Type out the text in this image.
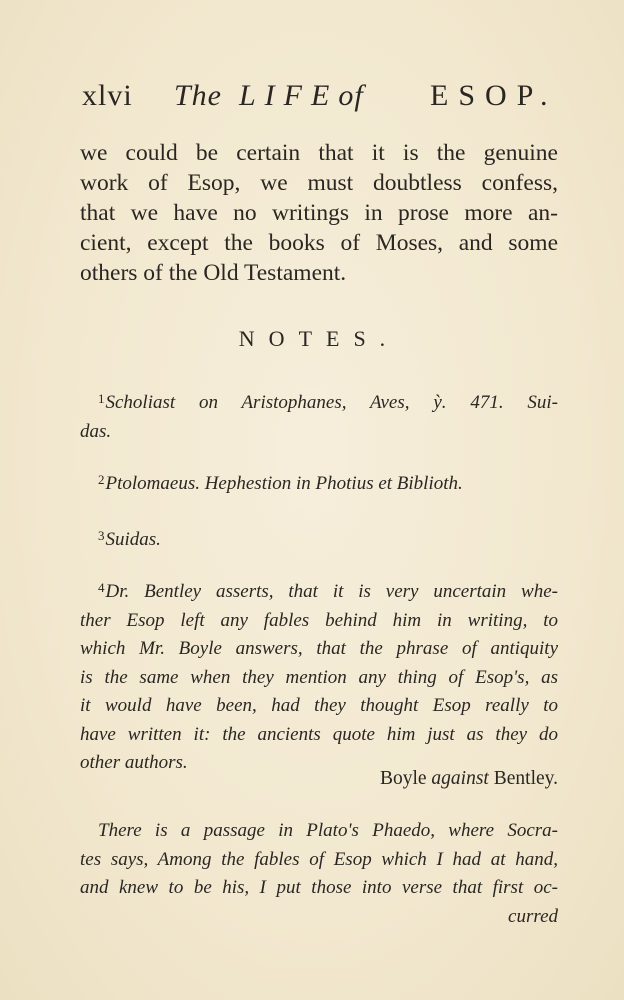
xlvi The LIFEof ESOP.
we could be certain that it is the genuine
work of Esop, we must doubtless confess,
that we have no writings in prose more an-
cient, except the books of Moses, and some
others of the Old Testament.
NOTES.
$^1$Scholiast on Aristophanes, Aves, ỳ. 471. Sui-
das.
$^2$Ptolomaeus. Hephestion in Photius et Biblioth.
$^3$Suidas.
$^4$Dr. Bentley asserts, that it is very uncertain whe-
ther Esop left any fables behind him in writing, to
which Mr. Boyle answers, that the phrase of antiquity
is the same when they mention any thing of Esop's, as
it would have been, had they thought Esop really to
have written it: the ancients quote him just as they do
other authors.
Boyle against Bentley.
There is a passage in Plato's Phaedo, where Socra-
tes says, Among the fables of Esop which I had at hand,
and knew to be his, I put those into verse that first oc-
curred
